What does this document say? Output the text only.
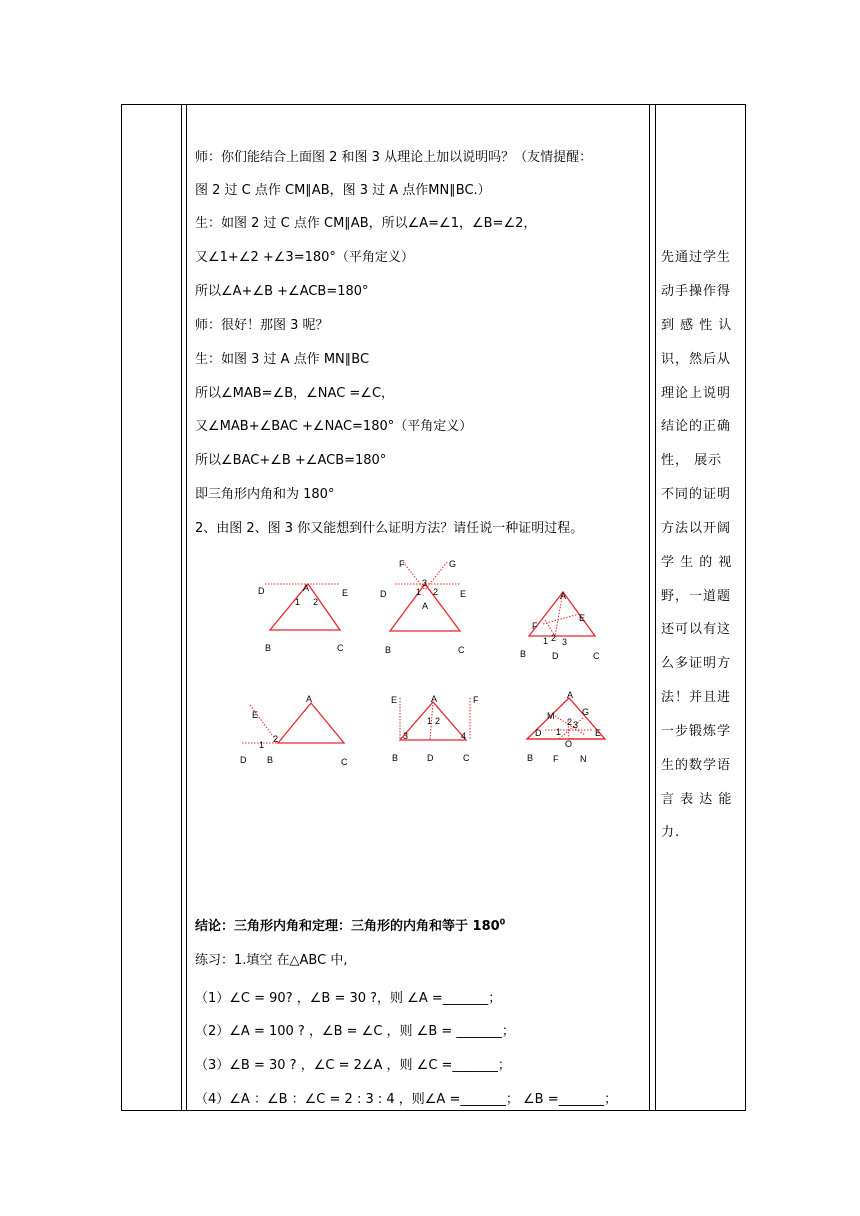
师：你们能结合上面图 2 和图 3 从理论上加以说明吗？（友情提醒：
图 2 过 C 点作 CM∥AB，图 3 过 A 点作MN∥BC.）
生：如图 2 过 C 点作 CM∥AB，所以∠A=∠1，∠B=∠2，
又∠1+∠2 +∠3=180°（平角定义）
所以∠A+∠B +∠ACB=180°
师：很好！那图 3 呢？
生：如图 3 过 A 点作 MN∥BC
所以∠MAB=∠B，∠NAC =∠C，
又∠MAB+∠BAC +∠NAC=180°（平角定义）
所以∠BAC+∠B +∠ACB=180°
即三角形内角和为 180°
2、由图 2、图 3 你又能想到什么证明方法？请任说一种证明过程。
D	A	E
1 2
B	C
F	G
3
D	1 2 E
A
B	C
A
E
F
1 2 3
B	D	C
A
E
2
1
D B	C
E	A	F
1 2
3	4
B	D	C
A
M	G
2 3
D 1	E
O
B F N
结论：三角形内角和定理：三角形的内角和等于 $180^0$
练习：1.填空 在△ABC 中,
（1）∠C = 90? ，∠B = 30 ?，则 ∠A =_______；
（2）∠A = 100 ? ，∠B = ∠C ，则 ∠B = _______；
（3）∠B = 30 ? ，∠C = 2∠A ，则 ∠C =_______；
（4）∠A ：∠B ：∠C = 2 : 3 : 4 ，则∠A =_______； ∠B =_______；
先通过学生
动手操作得
到 感 性 认
识，然后从
理论上说明
结论的正确
性， 展示
不同的证明
方法以开阔
学 生 的 视
野，一道题
还可以有这
么多证明方
法！并且进
一步锻炼学
生的数学语
言 表 达 能
力.
